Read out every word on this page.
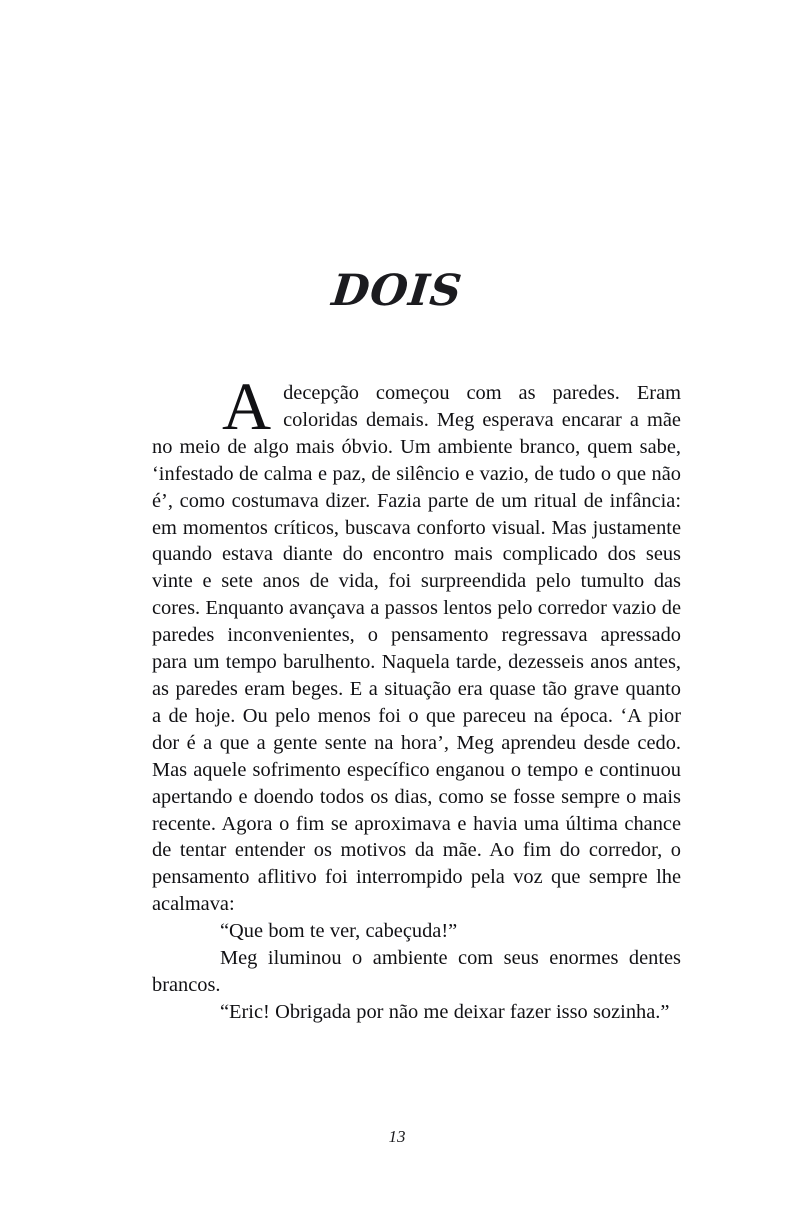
DOIS

Adecepção começou com as paredes. Eram coloridas demais. Meg esperava encarar a mãe no meio de algo mais óbvio. Um ambiente branco, quem sabe, ‘infestado de calma e paz, de silêncio e vazio, de tudo o que não é’, como costumava dizer. Fazia parte de um ritual de infância: em momentos críticos, buscava conforto visual. Mas justamente quando estava diante do encontro mais complicado dos seus vinte e sete anos de vida, foi surpreendida pelo tumulto das cores. Enquanto avançava a passos lentos pelo corredor vazio de paredes inconvenientes, o pensamento regressava apressado para um tempo barulhento. Naquela tarde, dezesseis anos antes, as paredes eram beges. E a situação era quase tão grave quanto a de hoje. Ou pelo menos foi o que pareceu na época. ‘A pior dor é a que a gente sente na hora’, Meg aprendeu desde cedo. Mas aquele sofrimento específico enganou o tempo e continuou apertando e doendo todos os dias, como se fosse sempre o mais recente. Agora o fim se aproximava e havia uma última chance de tentar entender os motivos da mãe. Ao fim do corredor, o pensamento aflitivo foi interrompido pela voz que sempre lhe acalmava:

“Que bom te ver, cabeçuda!”

Meg iluminou o ambiente com seus enormes dentes brancos.

“Eric! Obrigada por não me deixar fazer isso sozinha.”

13
